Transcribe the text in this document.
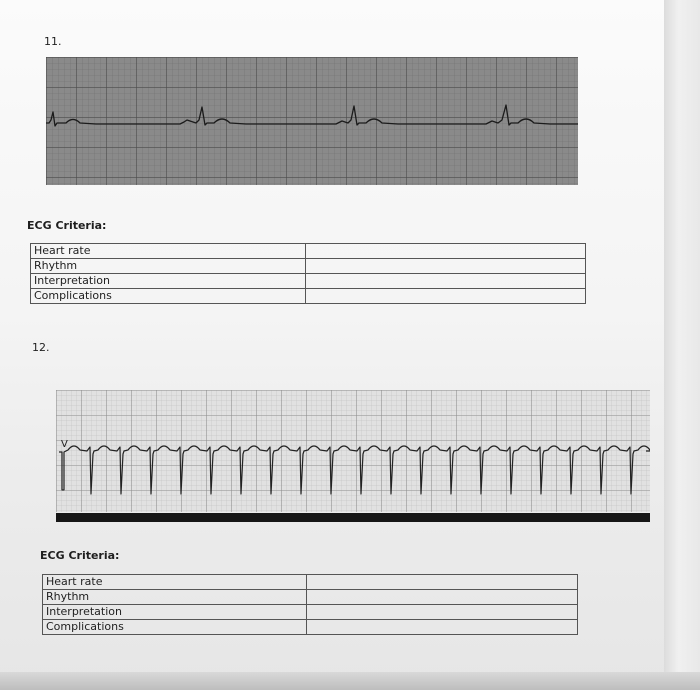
11.
ECG Criteria:
Heart rate	
Rhythm	
Interpretation	
Complications	
12.
V
ECG Criteria:
Heart rate	
Rhythm	
Interpretation	
Complications	
